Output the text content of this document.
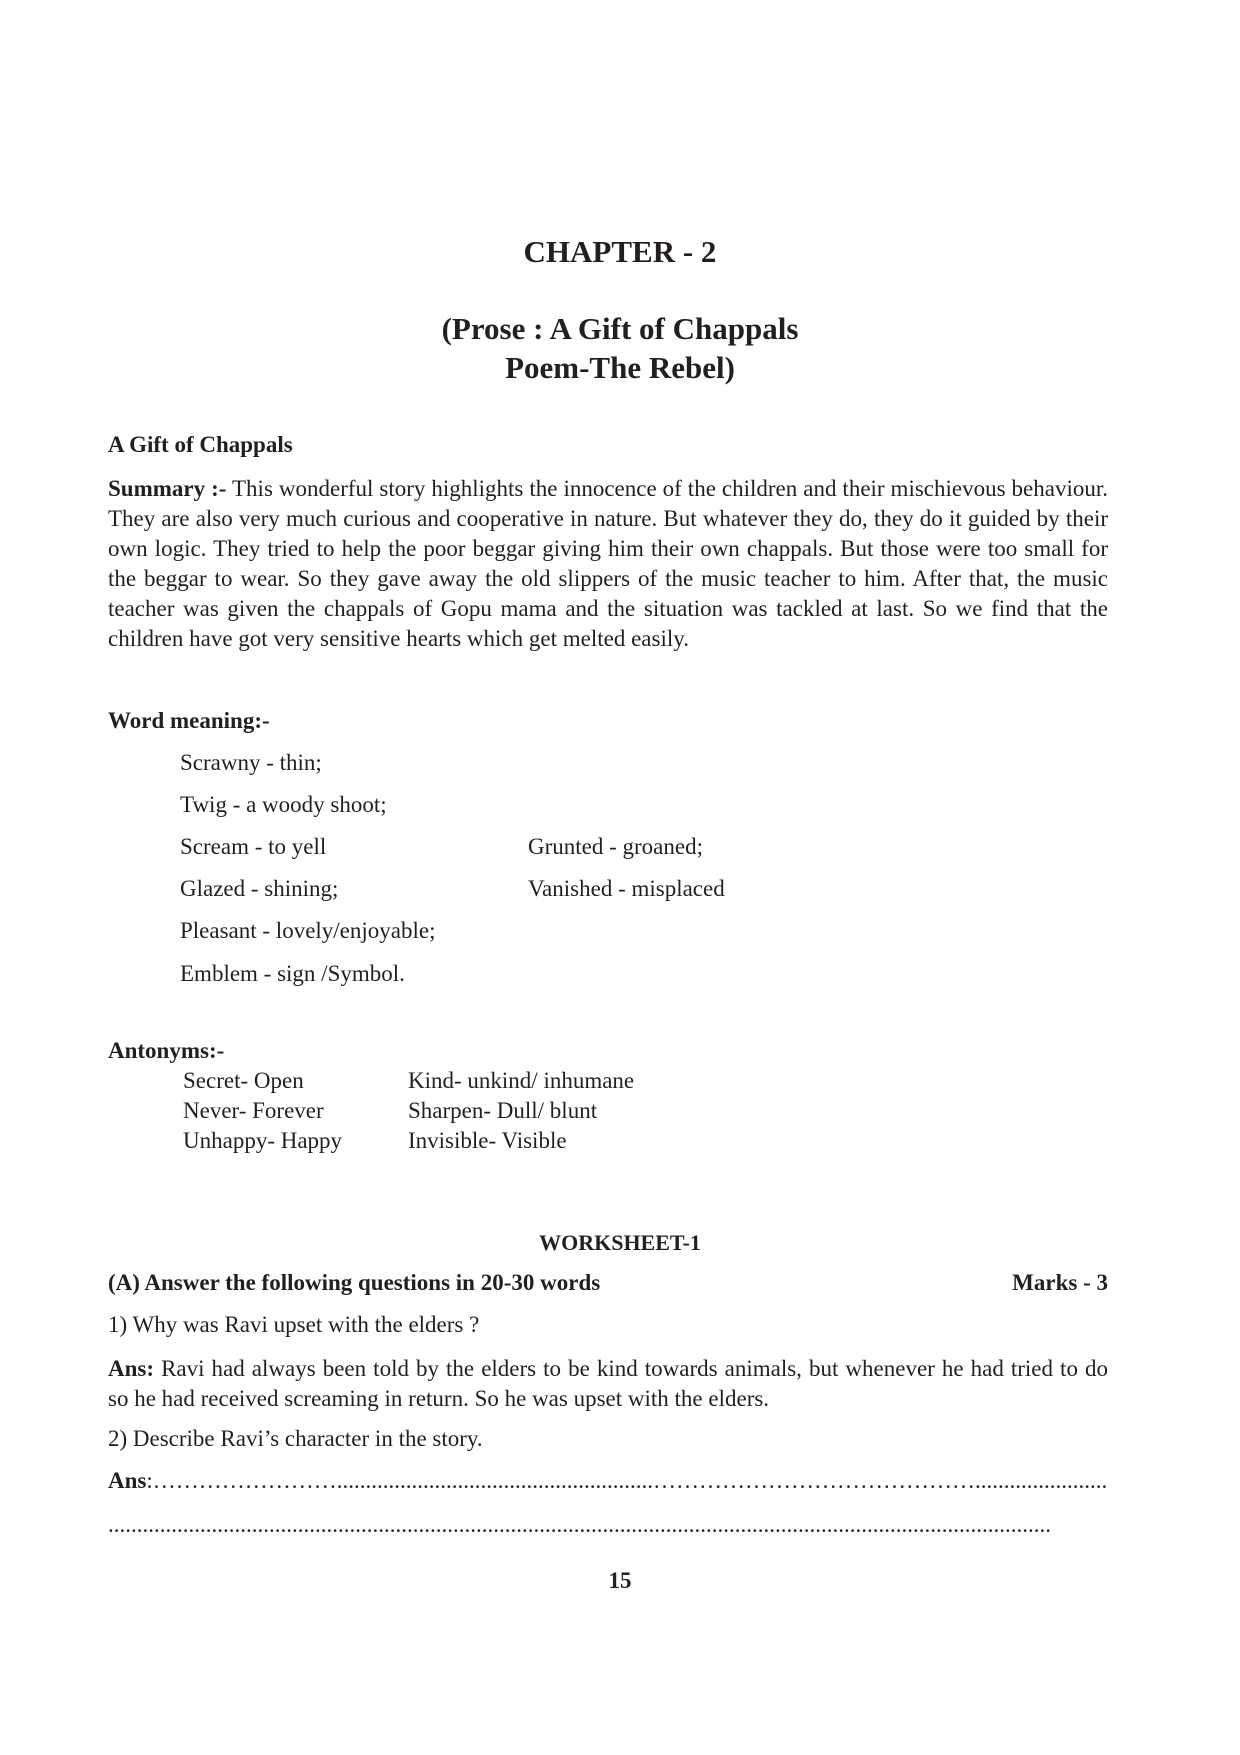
CHAPTER - 2
(Prose : A Gift of Chappals
Poem-The Rebel)
A Gift of Chappals
Summary :- This wonderful story highlights the innocence of the children and their mischievous behaviour. They are also very much curious and cooperative in nature. But whatever they do, they do it guided by their own logic. They tried to help the poor beggar giving him their own chappals. But those were too small for the beggar to wear. So they gave away the old slippers of the music teacher to him. After that, the music teacher was given the chappals of Gopu mama and the situation was tackled at last. So we find that the children have got very sensitive hearts which get melted easily.
Word meaning:-
Scrawny - thin;
Twig - a woody shoot;
Scream - to yell
Glazed - shining;
Pleasant - lovely/enjoyable;
Emblem - sign /Symbol.
Grunted - groaned;
Vanished - misplaced
Antonyms:-
Secret- Open
Never- Forever
Unhappy- Happy
Kind- unkind/ inhumane
Sharpen- Dull/ blunt
Invisible- Visible
WORKSHEET-1
(A) Answer the following questions in 20-30 words	Marks - 3
1) Why was Ravi upset with the elders ?
Ans: Ravi had always been told by the elders to be kind towards animals, but whenever he had tried to do so he had received screaming in return. So he was upset with the elders.
2) Describe Ravi’s character in the story.
Ans:…………………….......................................................…………………………………….......................
....................................................................................................................................................................
15
